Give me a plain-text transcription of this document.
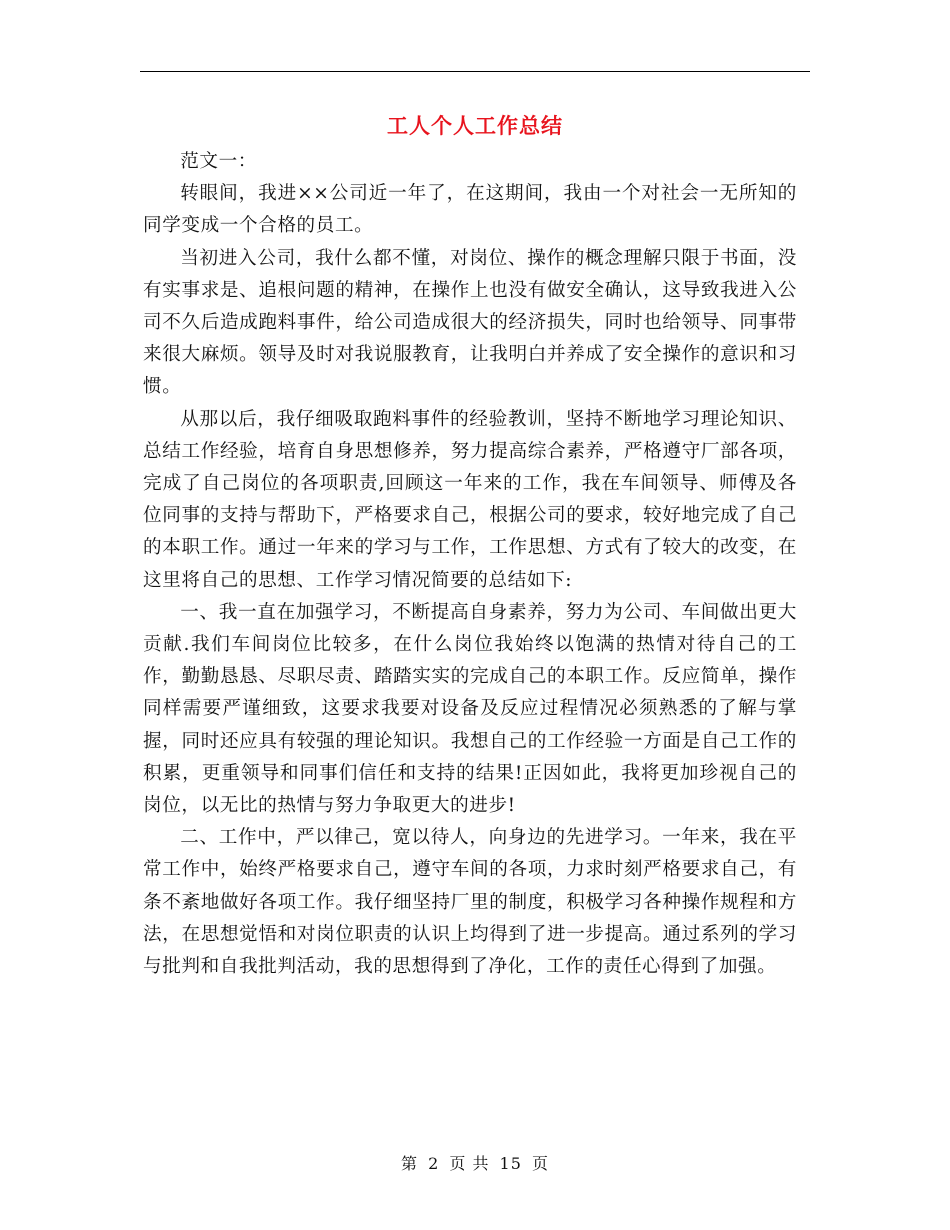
工人个人工作总结

范文一：

转眼间，我进××公司近一年了，在这期间，我由一个对社会一无所知的同学变成一个合格的员工。

当初进入公司，我什么都不懂，对岗位、操作的概念理解只限于书面，没有实事求是、追根问题的精神，在操作上也没有做安全确认，这导致我进入公司不久后造成跑料事件，给公司造成很大的经济损失，同时也给领导、同事带来很大麻烦。领导及时对我说服教育，让我明白并养成了安全操作的意识和习惯。

从那以后，我仔细吸取跑料事件的经验教训，坚持不断地学习理论知识、总结工作经验，培育自身思想修养，努力提高综合素养，严格遵守厂部各项，完成了自己岗位的各项职责,回顾这一年来的工作，我在车间领导、师傅及各位同事的支持与帮助下，严格要求自己，根据公司的要求，较好地完成了自己的本职工作。通过一年来的学习与工作，工作思想、方式有了较大的改变，在这里将自己的思想、工作学习情况简要的总结如下:

一、我一直在加强学习，不断提高自身素养，努力为公司、车间做出更大贡献.我们车间岗位比较多，在什么岗位我始终以饱满的热情对待自己的工作，勤勤恳恳、尽职尽责、踏踏实实的完成自己的本职工作。反应简单，操作同样需要严谨细致，这要求我要对设备及反应过程情况必须熟悉的了解与掌握，同时还应具有较强的理论知识。我想自己的工作经验一方面是自己工作的积累，更重领导和同事们信任和支持的结果!正因如此，我将更加珍视自己的岗位，以无比的热情与努力争取更大的进步!

二、工作中，严以律己，宽以待人，向身边的先进学习。一年来，我在平常工作中，始终严格要求自己，遵守车间的各项，力求时刻严格要求自己，有条不紊地做好各项工作。我仔细坚持厂里的制度，积极学习各种操作规程和方法，在思想觉悟和对岗位职责的认识上均得到了进一步提高。通过系列的学习与批判和自我批判活动，我的思想得到了净化，工作的责任心得到了加强。

第 2 页 共 15 页
